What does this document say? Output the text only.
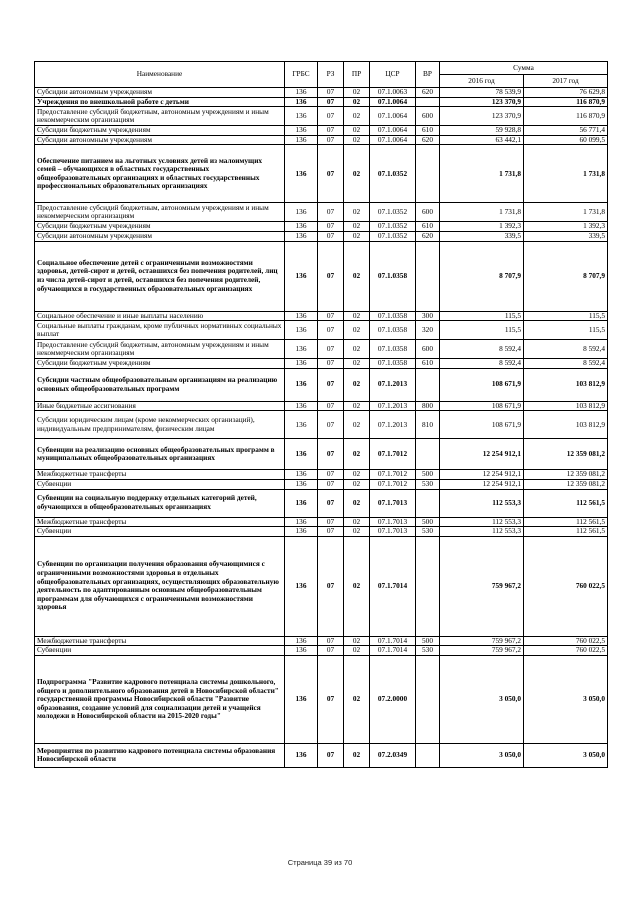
Наименование	ГРБС	РЗ	ПР	ЦСР	ВР	Сумма	
						2016 год	2017 год
Субсидии автономным учреждениям	136	07	02	07.1.0063	620	78 539,9	76 629,8
Учреждения по внешкольной работе с детьми	136	07	02	07.1.0064		123 370,9	116 870,9
Предоставление субсидий бюджетным, автономным учреждениям и иным некоммерческим организациям	136	07	02	07.1.0064	600	123 370,9	116 870,9
Субсидии бюджетным учреждениям	136	07	02	07.1.0064	610	59 928,8	56 771,4
Субсидии автономным учреждениям	136	07	02	07.1.0064	620	63 442,1	60 099,5
Обеспечение питанием на льготных условиях детей из малоимущих семей – обучающихся в областных государственных общеобразовательных организациях и областных государственных профессиональных образовательных организациях	136	07	02	07.1.0352		1 731,8	1 731,8
Предоставление субсидий бюджетным, автономным учреждениям и иным некоммерческим организациям	136	07	02	07.1.0352	600	1 731,8	1 731,8
Субсидии бюджетным учреждениям	136	07	02	07.1.0352	610	1 392,3	1 392,3
Субсидии автономным учреждениям	136	07	02	07.1.0352	620	339,5	339,5
Социальное обеспечение детей с ограниченными возможностями здоровья, детей-сирот и детей, оставшихся без попечения родителей, лиц из числа детей-сирот и детей, оставшихся без попечения родителей, обучающихся в государственных образовательных организациях	136	07	02	07.1.0358		8 707,9	8 707,9
Социальное обеспечение и иные выплаты населению	136	07	02	07.1.0358	300	115,5	115,5
Социальные выплаты гражданам, кроме публичных нормативных социальных выплат	136	07	02	07.1.0358	320	115,5	115,5
Предоставление субсидий бюджетным, автономным учреждениям и иным некоммерческим организациям	136	07	02	07.1.0358	600	8 592,4	8 592,4
Субсидии бюджетным учреждениям	136	07	02	07.1.0358	610	8 592,4	8 592,4
Субсидии частным общеобразовательным организациям на реализацию основных общеобразовательных программ	136	07	02	07.1.2013		108 671,9	103 812,9
Иные бюджетные ассигнования	136	07	02	07.1.2013	800	108 671,9	103 812,9
Субсидии юридическим лицам (кроме некоммерческих организаций), индивидуальным предпринимателям, физическим лицам	136	07	02	07.1.2013	810	108 671,9	103 812,9
Субвенции на реализацию основных общеобразовательных программ в муниципальных общеобразовательных организациях	136	07	02	07.1.7012		12 254 912,1	12 359 081,2
Межбюджетные трансферты	136	07	02	07.1.7012	500	12 254 912,1	12 359 081,2
Субвенции	136	07	02	07.1.7012	530	12 254 912,1	12 359 081,2
Субвенции на социальную поддержку отдельных категорий детей, обучающихся в общеобразовательных организациях	136	07	02	07.1.7013		112 553,3	112 561,5
Межбюджетные трансферты	136	07	02	07.1.7013	500	112 553,3	112 561,5
Субвенции	136	07	02	07.1.7013	530	112 553,3	112 561,5
Субвенции по организации получения образования обучающимися с ограниченными возможностями здоровья в отдельных общеобразовательных организациях, осуществляющих образовательную деятельность по адаптированным основным общеобразовательным программам для обучающихся с ограниченными возможностями здоровья	136	07	02	07.1.7014		759 967,2	760 022,5
Межбюджетные трансферты	136	07	02	07.1.7014	500	759 967,2	760 022,5
Субвенции	136	07	02	07.1.7014	530	759 967,2	760 022,5
Подпрограмма "Развитие кадрового потенциала системы дошкольного, общего и дополнительного образования детей в Новосибирской области" государственной программы Новосибирской области "Развитие образования, создание условий для социализации детей и учащейся молодежи в Новосибирской области на 2015-2020 годы"	136	07	02	07.2.0000		3 050,0	3 050,0
Мероприятия по развитию кадрового потенциала системы образования Новосибирской области	136	07	02	07.2.0349		3 050,0	3 050,0
Страница 39 из 70
